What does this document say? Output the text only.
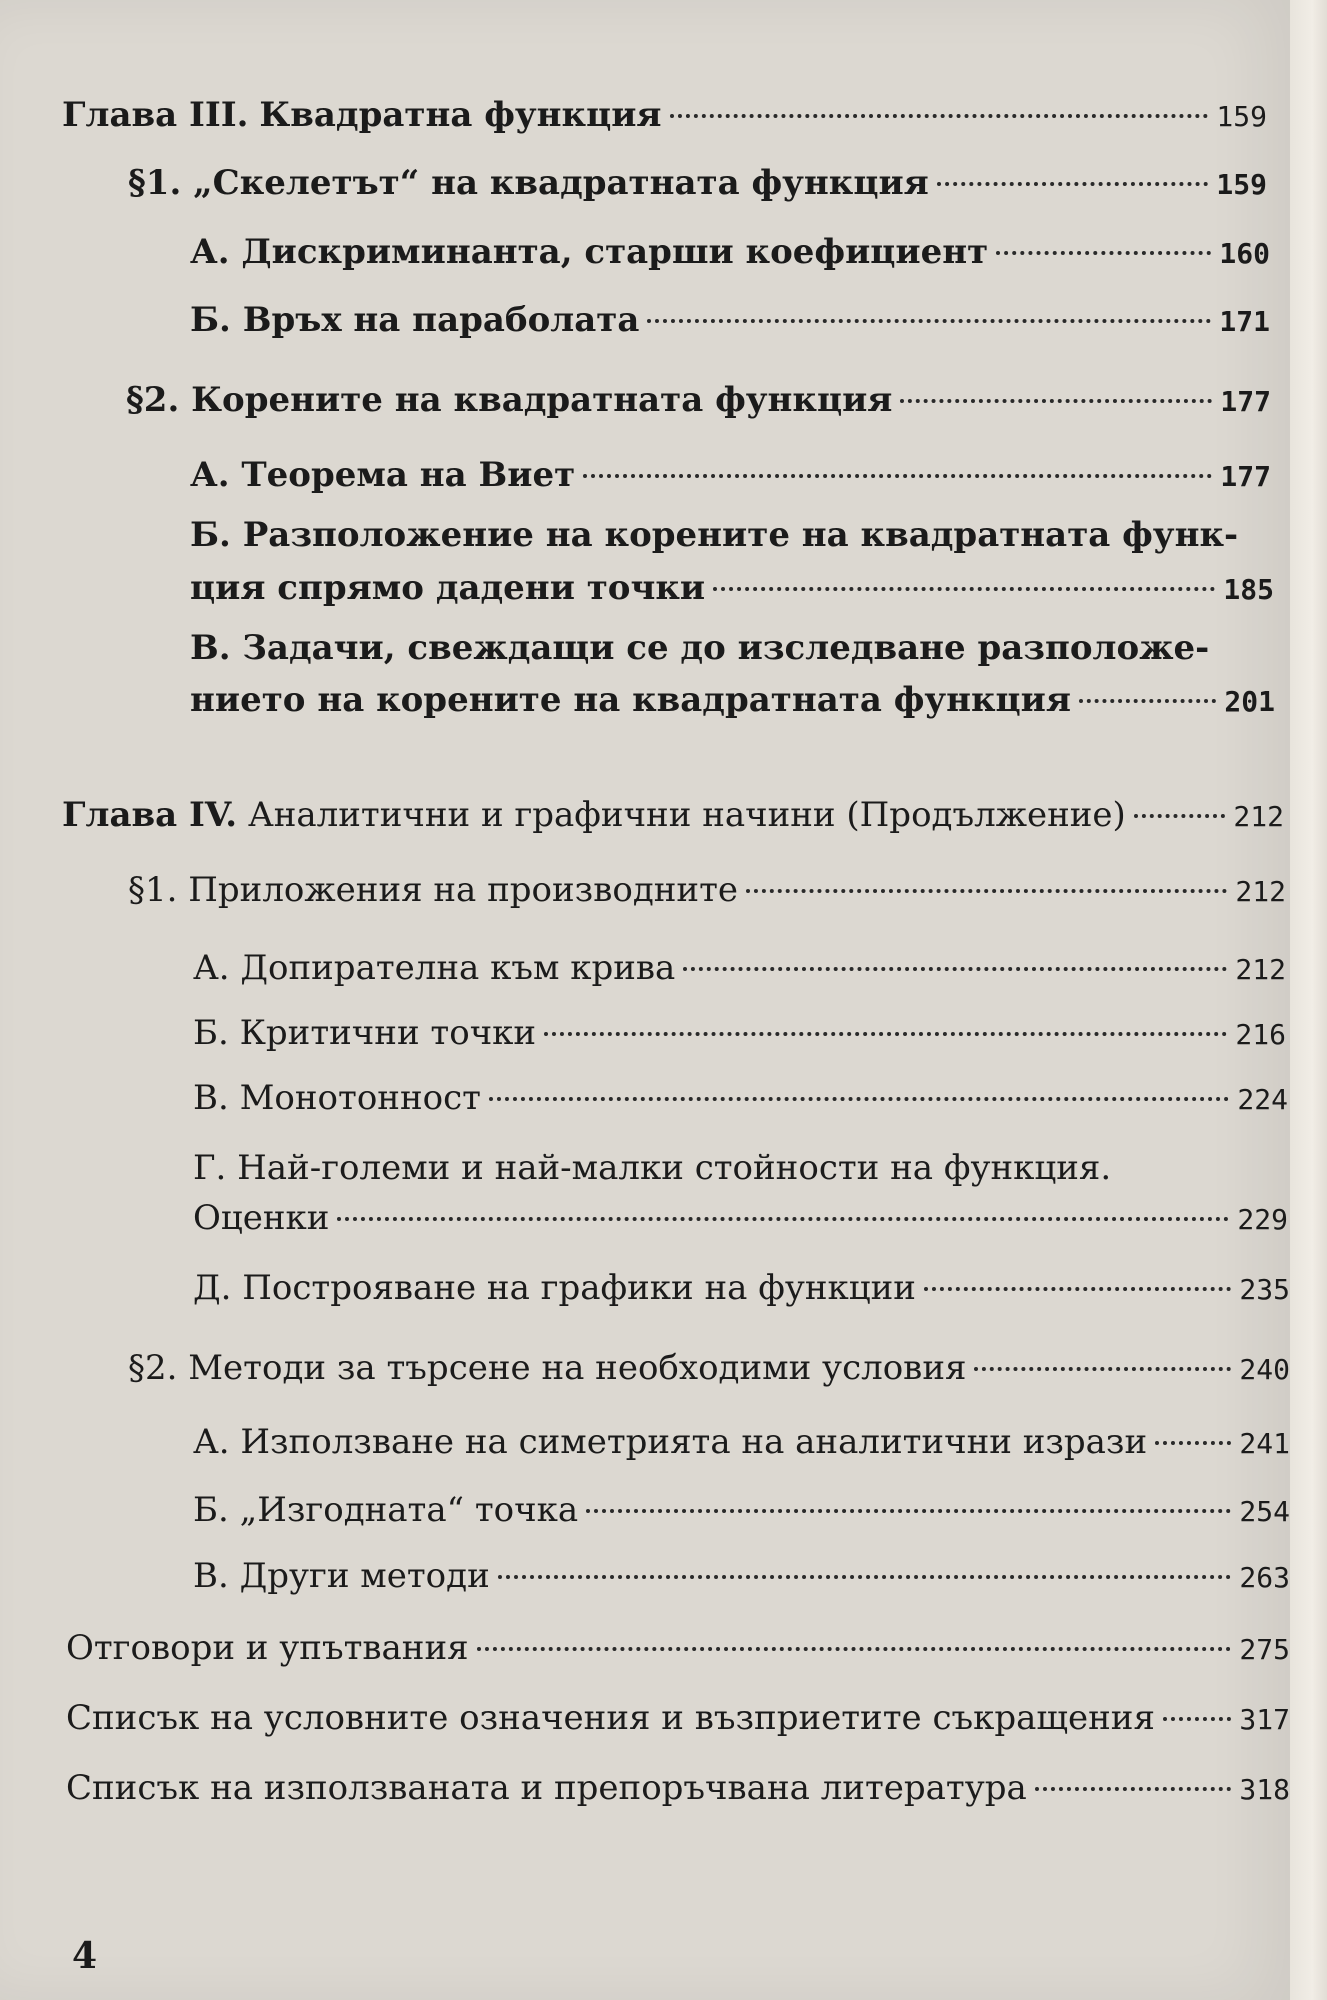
Глава III. Квадратна функция	159
§1. „Скелетът“ на квадратната функция	159
А. Дискриминанта, старши коефициент	160
Б. Връх на параболата	171
§2. Корените на квадратната функция	177
А. Теорема на Виет	177
Б. Разположение на корените на квадратната функ-
ция спрямо дадени точки	185
В. Задачи, свеждащи се до изследване разположе-
нието на корените на квадратната функция	201
Глава IV. Аналитични и графични начини (Продължение)	212
§1. Приложения на производните	212
А. Допирателна към крива	212
Б. Критични точки	216
В. Монотонност	224
Г. Най-големи и най-малки стойности на функция.
Оценки	229
Д. Построяване на графики на функции	235
§2. Методи за търсене на необходими условия	240
А. Използване на симетрията на аналитични изрази	241
Б. „Изгодната“ точка	254
В. Други методи	263
Отговори и упътвания	275
Списък на условните означения и възприетите съкращения	317
Списък на използваната и препоръчвана литература	318
4
